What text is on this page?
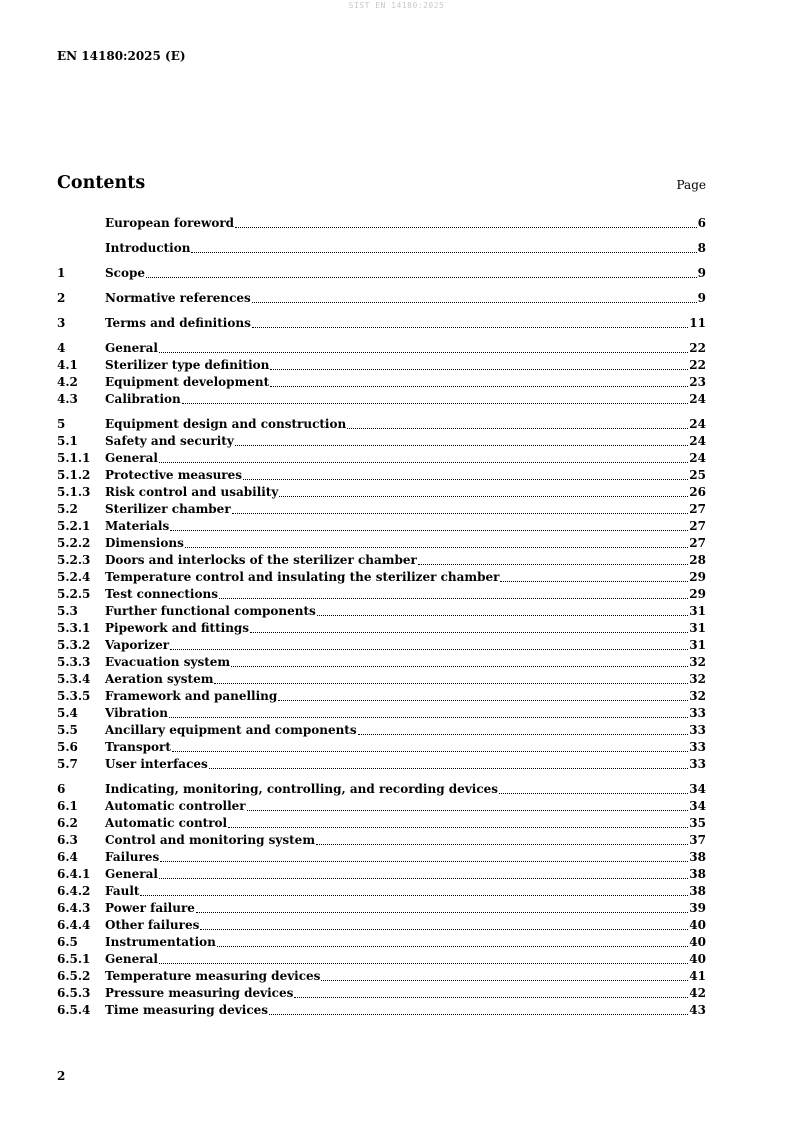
SIST EN 14180:2025
EN 14180:2025 (E)
Contents	Page
European foreword	6
Introduction	8
1	Scope	9
2	Normative references	9
3	Terms and definitions	11
4	General	22
4.1	Sterilizer type definition	22
4.2	Equipment development	23
4.3	Calibration	24
5	Equipment design and construction	24
5.1	Safety and security	24
5.1.1	General	24
5.1.2	Protective measures	25
5.1.3	Risk control and usability	26
5.2	Sterilizer chamber	27
5.2.1	Materials	27
5.2.2	Dimensions	27
5.2.3	Doors and interlocks of the sterilizer chamber	28
5.2.4	Temperature control and insulating the sterilizer chamber	29
5.2.5	Test connections	29
5.3	Further functional components	31
5.3.1	Pipework and fittings	31
5.3.2	Vaporizer	31
5.3.3	Evacuation system	32
5.3.4	Aeration system	32
5.3.5	Framework and panelling	32
5.4	Vibration	33
5.5	Ancillary equipment and components	33
5.6	Transport	33
5.7	User interfaces	33
6	Indicating, monitoring, controlling, and recording devices	34
6.1	Automatic controller	34
6.2	Automatic control	35
6.3	Control and monitoring system	37
6.4	Failures	38
6.4.1	General	38
6.4.2	Fault	38
6.4.3	Power failure	39
6.4.4	Other failures	40
6.5	Instrumentation	40
6.5.1	General	40
6.5.2	Temperature measuring devices	41
6.5.3	Pressure measuring devices	42
6.5.4	Time measuring devices	43
2
